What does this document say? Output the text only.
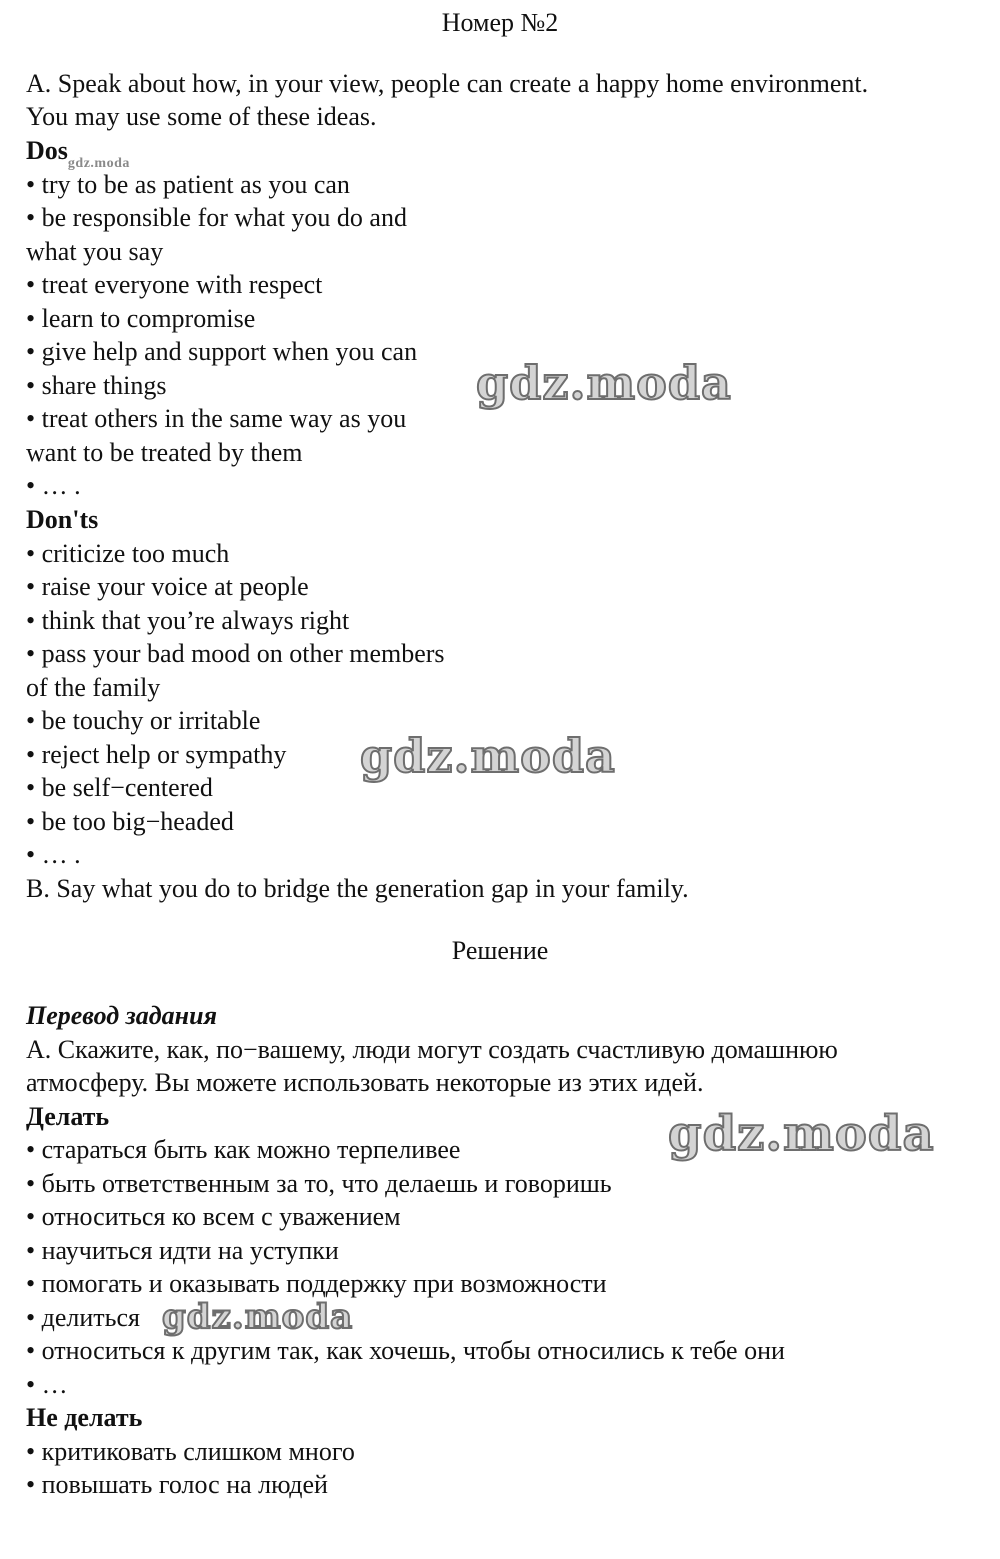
Номер №2
A. Speak about how, in your view, people can create a happy home environment.
You may use some of these ideas.
Dos$_{gdz.moda}$
• try to be as patient as you can
• be responsible for what you do and
what you say
• treat everyone with respect
• learn to compromise
• give help and support when you can
• share things
• treat others in the same way as you
want to be treated by them
• … .
Don'ts
• criticize too much
• raise your voice at people
• think that you’re always right
• pass your bad mood on other members
of the family
• be touchy or irritable
• reject help or sympathy
• be self−centered
• be too big−headed
• … .
B. Say what you do to bridge the generation gap in your family.
Решение
Перевод задания
А. Скажите, как, по−вашему, люди могут создать счастливую домашнюю
атмосферу. Вы можете использовать некоторые из этих идей.
Делать
• стараться быть как можно терпеливее
• быть ответственным за то, что делаешь и говоришь
• относиться ко всем с уважением
• научиться идти на уступки
• помогать и оказывать поддержку при возможности
• делиться
• относиться к другим так, как хочешь, чтобы относились к тебе они
• …
Не делать
• критиковать слишком много
• повышать голос на людей
gdz.moda
gdz.moda
gdz.moda
gdz.moda
